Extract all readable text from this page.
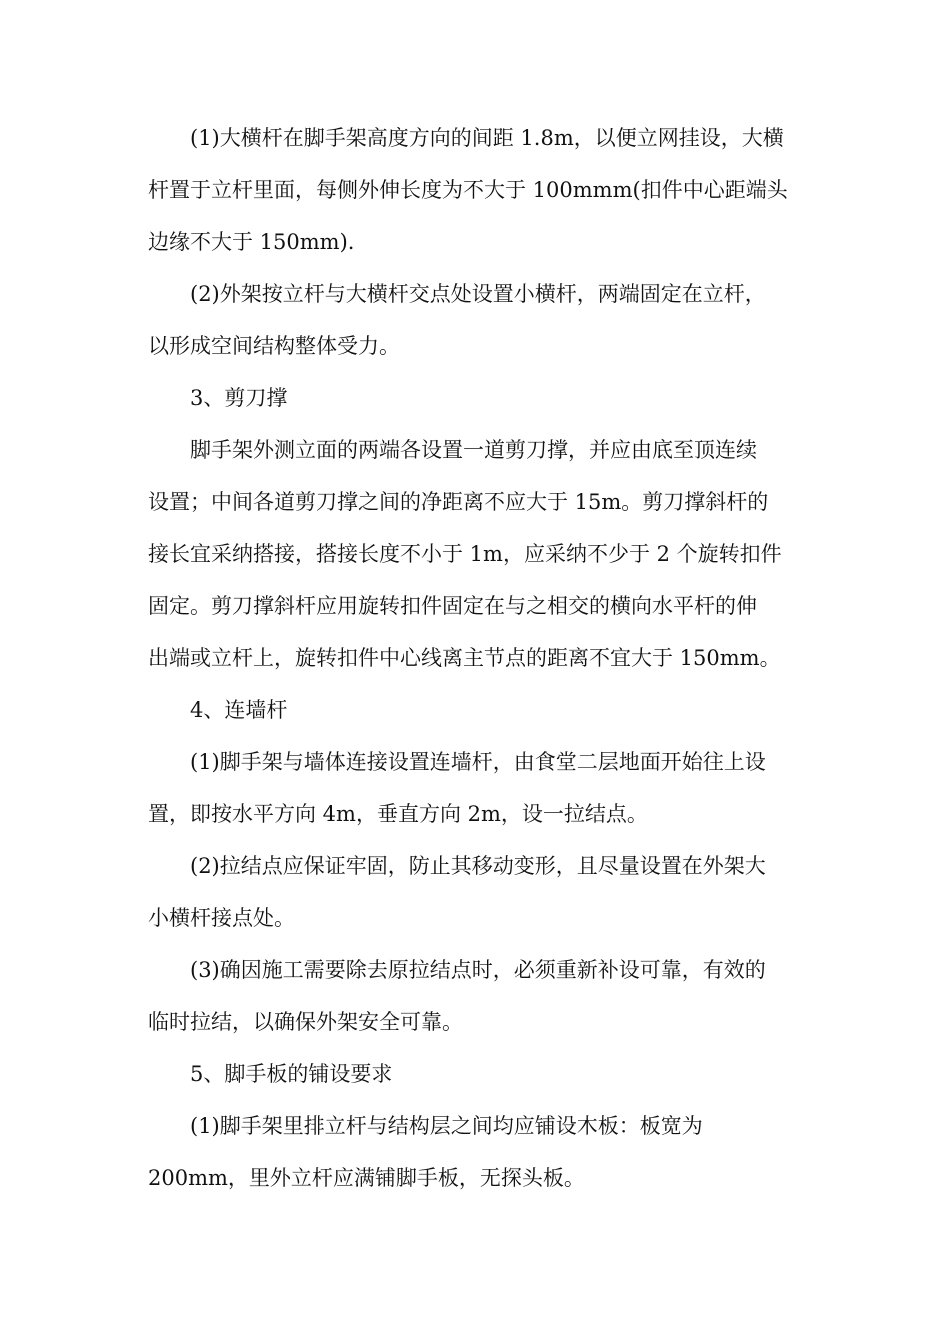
(1)大横杆在脚手架高度方向的间距 1.8m，以便立网挂设，大横
杆置于立杆里面，每侧外伸长度为不大于 100mmm(扣件中心距端头
边缘不大于 150mm).
(2)外架按立杆与大横杆交点处设置小横杆，两端固定在立杆，
以形成空间结构整体受力。
3、剪刀撑
脚手架外测立面的两端各设置一道剪刀撑，并应由底至顶连续
设置；中间各道剪刀撑之间的净距离不应大于 15m。剪刀撑斜杆的
接长宜采纳搭接，搭接长度不小于 1m，应采纳不少于 2 个旋转扣件
固定。剪刀撑斜杆应用旋转扣件固定在与之相交的横向水平杆的伸
出端或立杆上，旋转扣件中心线离主节点的距离不宜大于 150mm。
4、连墙杆
(1)脚手架与墙体连接设置连墙杆，由食堂二层地面开始往上设
置，即按水平方向 4m，垂直方向 2m，设一拉结点。
(2)拉结点应保证牢固，防止其移动变形，且尽量设置在外架大
小横杆接点处。
(3)确因施工需要除去原拉结点时，必须重新补设可靠，有效的
临时拉结，以确保外架安全可靠。
5、脚手板的铺设要求
(1)脚手架里排立杆与结构层之间均应铺设木板：板宽为
200mm，里外立杆应满铺脚手板，无探头板。
